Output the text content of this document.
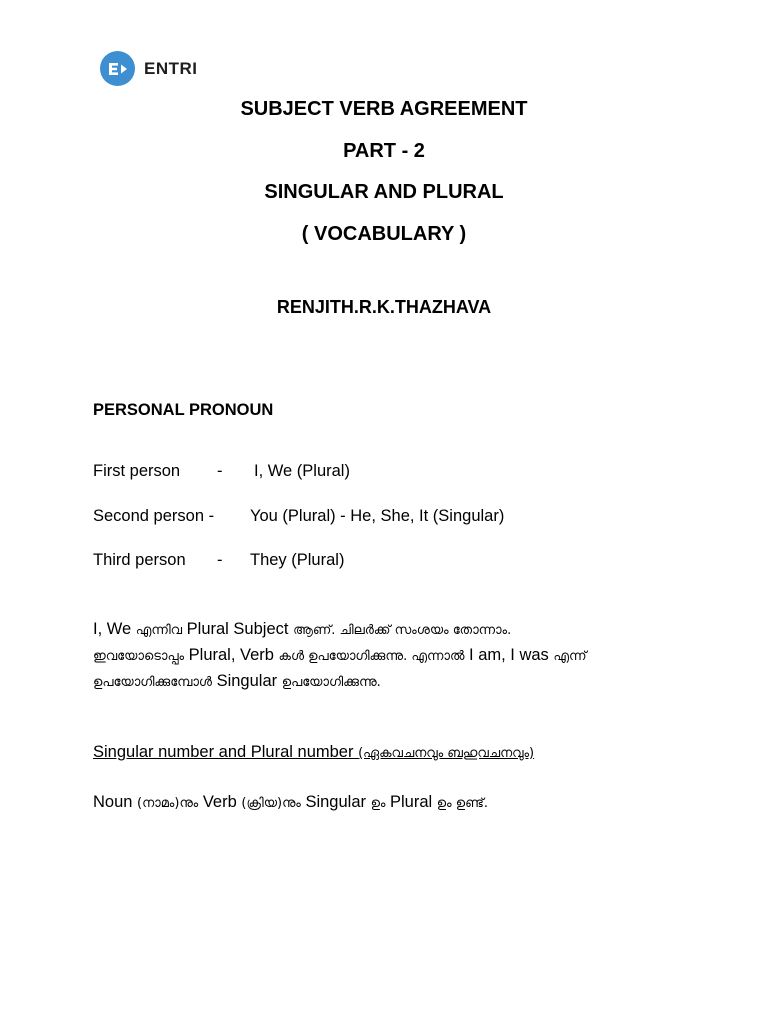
ENTRI
SUBJECT VERB AGREEMENT
PART - 2
SINGULAR AND PLURAL
( VOCABULARY )
RENJITH.R.K.THAZHAVA
PERSONAL PRONOUN
First person - I, We (Plural)
Second person - You (Plural) - He, She, It (Singular)
Third person - They (Plural)
I, We എന്നിവ Plural Subject ആണ്. ചിലർക്ക് സംശയം തോന്നാം.
ഇവയോടൊപ്പം Plural, Verb കൾ ഉപയോഗിക്കുന്നു. എന്നാൽ I am, I was എന്ന്
ഉപയോഗിക്കുമ്പോൾ Singular ഉപയോഗിക്കുന്നു.
Singular number and Plural number (ഏകവചനവും ബഹുവചനവും)
Noun (നാമം)നും Verb (ക്രിയ)നും Singular ഉം Plural ഉം ഉണ്ട്.
